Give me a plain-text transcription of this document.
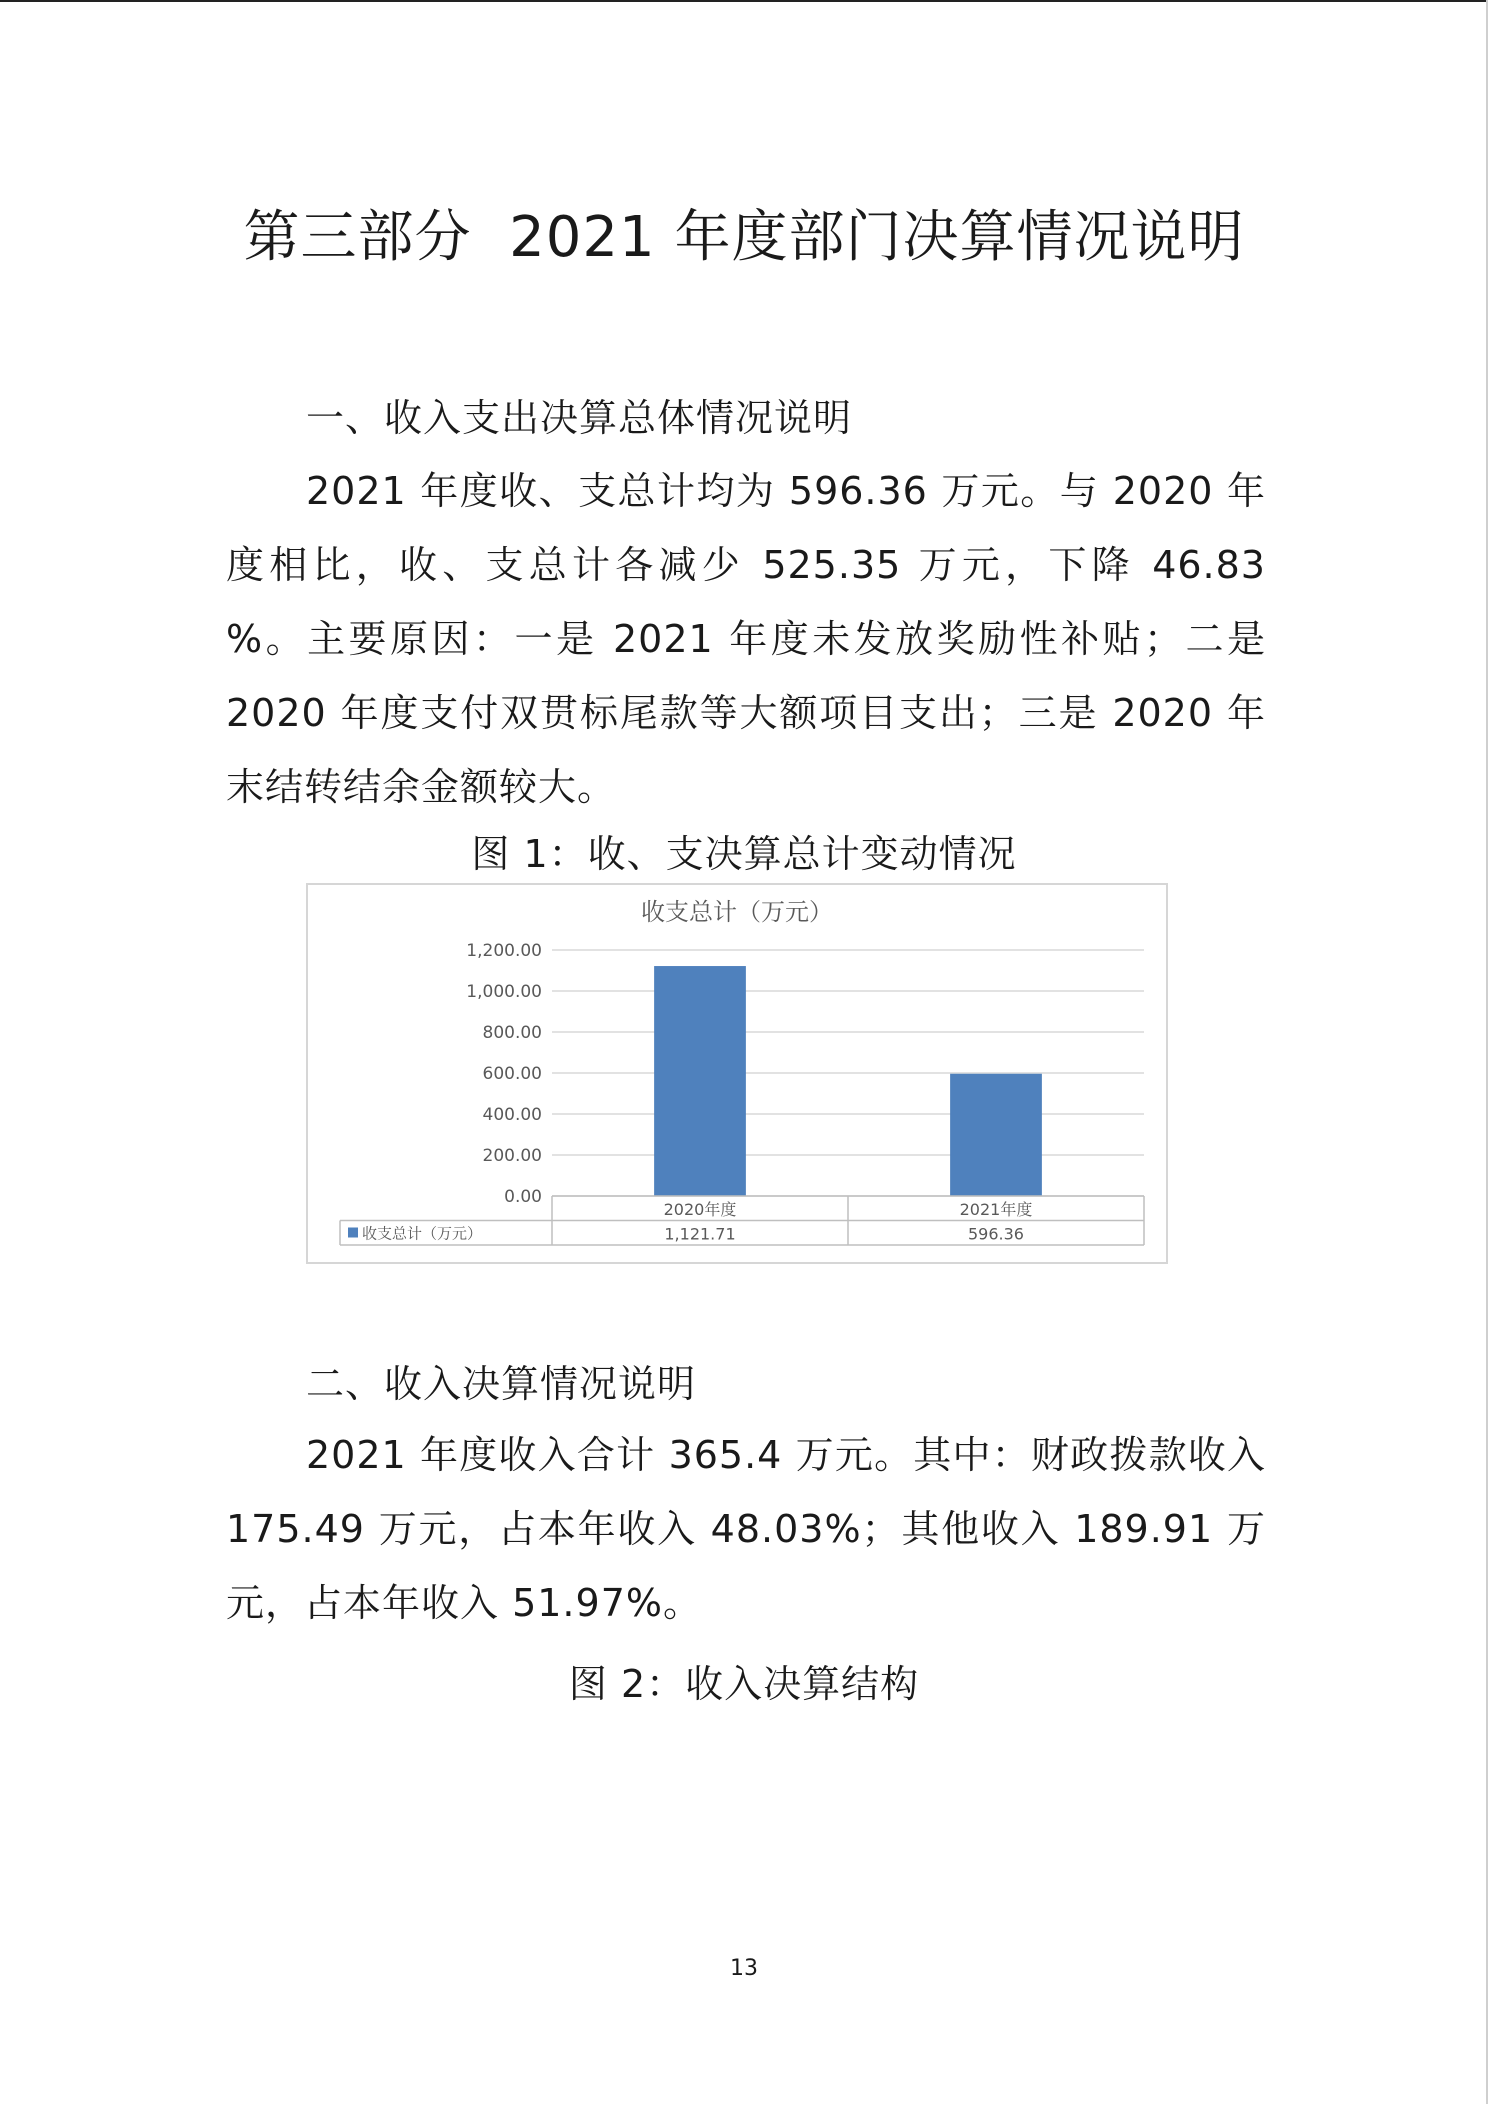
第三部分  2021 年度部门决算情况说明
一、收入支出决算总体情况说明

2021 年度收、支总计均为 596.36 万元。与 2020 年度相比，收、支总计各减少 525.35 万元，下降 46.83 %。主要原因：一是 2021 年度未发放奖励性补贴；二是 2020 年度支付双贯标尾款等大额项目支出；三是 2020 年末结转结余金额较大。

图 1：收、支决算总计变动情况
收支总计（万元）
0.00
200.00
400.00
600.00
800.00
1,000.00
1,200.00
2020年度
1,121.71
2021年度
596.36
收支总计（万元）
二、收入决算情况说明

2021 年度收入合计 365.4 万元。其中：财政拨款收入 175.49 万元，占本年收入 48.03%；其他收入 189.91 万元，占本年收入 51.97%。

图 2：收入决算结构
13
